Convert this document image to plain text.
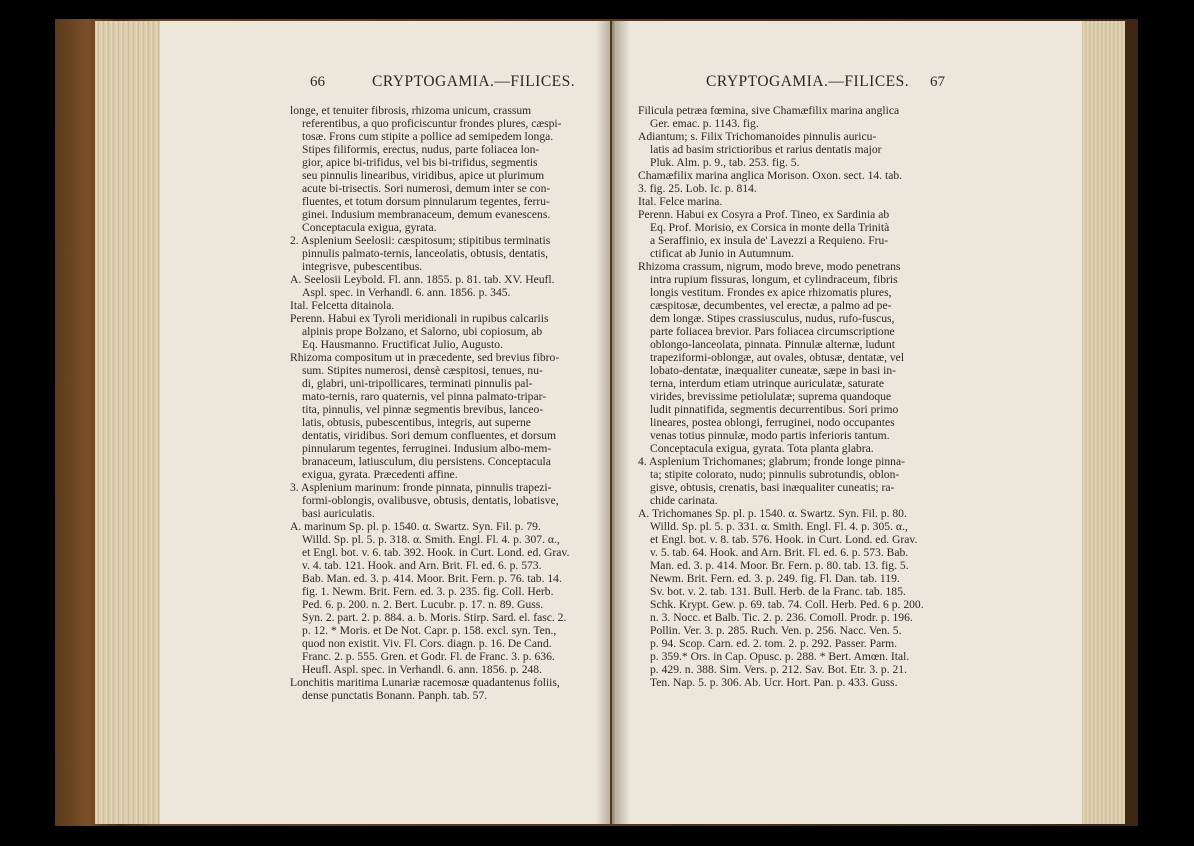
66	CRYPTOGAMIA.—FILICES.
longe, et tenuiter fibrosis, rhizoma unicum, crassum
referentibus, a quo proficiscuntur frondes plures, cæspi-
tosæ. Frons cum stipite a pollice ad semipedem longa.
Stipes filiformis, erectus, nudus, parte foliacea lon-
gior, apice bi-trifidus, vel bis bi-trifidus, segmentis
seu pinnulis linearibus, viridibus, apice ut plurimum
acute bi-trisectis. Sori numerosi, demum inter se con-
fluentes, et totum dorsum pinnularum tegentes, ferru-
ginei. Indusium membranaceum, demum evanescens.
Conceptacula exigua, gyrata.
2. Asplenium Seelosii: cæspitosum; stipitibus terminatis
pinnulis palmato-ternis, lanceolatis, obtusis, dentatis,
integrisve, pubescentibus.
A. Seelosii Leybold. Fl. ann. 1855. p. 81. tab. XV. Heufl.
Aspl. spec. in Verhandl. 6. ann. 1856. p. 345.
Ital. Felcetta ditainola.
Perenn. Habui ex Tyroli meridionali in rupibus calcariis
alpinis prope Bolzano, et Salorno, ubi copiosum, ab
Eq. Hausmanno. Fructificat Julio, Augusto.
Rhizoma compositum ut in præcedente, sed brevius fibro-
sum. Stipites numerosi, densè cæspitosi, tenues, nu-
di, glabri, uni-tripollicares, terminati pinnulis pal-
mato-ternis, raro quaternis, vel pinna palmato-tripar-
tita, pinnulis, vel pinnæ segmentis brevibus, lanceo-
latis, obtusis, pubescentibus, integris, aut superne
dentatis, viridibus. Sori demum confluentes, et dorsum
pinnularum tegentes, ferruginei. Indusium albo-mem-
branaceum, latiusculum, diu persistens. Conceptacula
exigua, gyrata. Præcedenti affine.
3. Asplenium marinum: fronde pinnata, pinnulis trapezi-
formi-oblongis, ovalibusve, obtusis, dentatis, lobatisve,
basi auriculatis.
A. marinum Sp. pl. p. 1540. α. Swartz. Syn. Fil. p. 79.
Willd. Sp. pl. 5. p. 318. α. Smith. Engl. Fl. 4. p. 307. α.,
et Engl. bot. v. 6. tab. 392. Hook. in Curt. Lond. ed. Grav.
v. 4. tab. 121. Hook. and Arn. Brit. Fl. ed. 6. p. 573.
Bab. Man. ed. 3. p. 414. Moor. Brit. Fern. p. 76. tab. 14.
fig. 1. Newm. Brit. Fern. ed. 3. p. 235. fig. Coll. Herb.
Ped. 6. p. 200. n. 2. Bert. Lucubr. p. 17. n. 89. Guss.
Syn. 2. part. 2. p. 884. a. b. Moris. Stirp. Sard. el. fasc. 2.
p. 12. * Moris. et De Not. Capr. p. 158. excl. syn. Ten.,
quod non existit. Viv. Fl. Cors. diagn. p. 16. De Cand.
Franc. 2. p. 555. Gren. et Godr. Fl. de Franc. 3. p. 636.
Heufl. Aspl. spec. in Verhandl. 6. ann. 1856. p. 248.
Lonchitis maritima Lunariæ racemosæ quadantenus foliis,
dense punctatis Bonann. Panph. tab. 57.
CRYPTOGAMIA.—FILICES. 67
Filicula petræa fœmina, sive Chamæfilix marina anglica
Ger. emac. p. 1143. fig.
Adiantum; s. Filix Trichomanoides pinnulis auricu-
latis ad basim strictioribus et rarius dentatis major
Pluk. Alm. p. 9., tab. 253. fig. 5.
Chamæfilix marina anglica Morison. Oxon. sect. 14. tab.
3. fig. 25. Lob. Ic. p. 814.
Ital. Felce marina.
Perenn. Habui ex Cosyra a Prof. Tineo, ex Sardinia ab
Eq. Prof. Morisio, ex Corsica in monte della Trinità
a Seraffinio, ex insula de' Lavezzi a Requieno. Fru-
ctificat ab Junio in Autumnum.
Rhizoma crassum, nigrum, modo breve, modo penetrans
intra rupium fissuras, longum, et cylindraceum, fibris
longis vestitum. Frondes ex apice rhizomatis plures,
cæspitosæ, decumbentes, vel erectæ, a palmo ad pe-
dem longæ. Stipes crassiusculus, nudus, rufo-fuscus,
parte foliacea brevior. Pars foliacea circumscriptione
oblongo-lanceolata, pinnata. Pinnulæ alternæ, ludunt
trapeziformi-oblongæ, aut ovales, obtusæ, dentatæ, vel
lobato-dentatæ, inæqualiter cuneatæ, sæpe in basi in-
terna, interdum etiam utrinque auriculatæ, saturate
virides, brevissime petiolulatæ; suprema quandoque
ludit pinnatifida, segmentis decurrentibus. Sori primo
lineares, postea oblongi, ferruginei, nodo occupantes
venas totius pinnulæ, modo partis inferioris tantum.
Conceptacula exigua, gyrata. Tota planta glabra.
4. Asplenium Trichomanes; glabrum; fronde longe pinna-
ta; stipite colorato, nudo; pinnulis subrotundis, oblon-
gisve, obtusis, crenatis, basi inæqualiter cuneatis; ra-
chide carinata.
A. Trichomanes Sp. pl. p. 1540. α. Swartz. Syn. Fil. p. 80.
Willd. Sp. pl. 5. p. 331. α. Smith. Engl. Fl. 4. p. 305. α.,
et Engl. bot. v. 8. tab. 576. Hook. in Curt. Lond. ed. Grav.
v. 5. tab. 64. Hook. and Arn. Brit. Fl. ed. 6. p. 573. Bab.
Man. ed. 3. p. 414. Moor. Br. Fern. p. 80. tab. 13. fig. 5.
Newm. Brit. Fern. ed. 3. p. 249. fig. Fl. Dan. tab. 119.
Sv. bot. v. 2. tab. 131. Bull. Herb. de la Franc. tab. 185.
Schk. Krypt. Gew. p. 69. tab. 74. Coll. Herb. Ped. 6 p. 200.
n. 3. Nocc. et Balb. Tic. 2. p. 236. Comoll. Prodr. p. 196.
Pollin. Ver. 3. p. 285. Ruch. Ven. p. 256. Nacc. Ven. 5.
p. 94. Scop. Carn. ed. 2. tom. 2. p. 292. Passer. Parm.
p. 359.* Ors. in Cap. Opusc. p. 288. * Bert. Amœn. Ital.
p. 429. n. 388. Sim. Vers. p. 212. Sav. Bot. Etr. 3. p. 21.
Ten. Nap. 5. p. 306. Ab. Ucr. Hort. Pan. p. 433. Guss.
